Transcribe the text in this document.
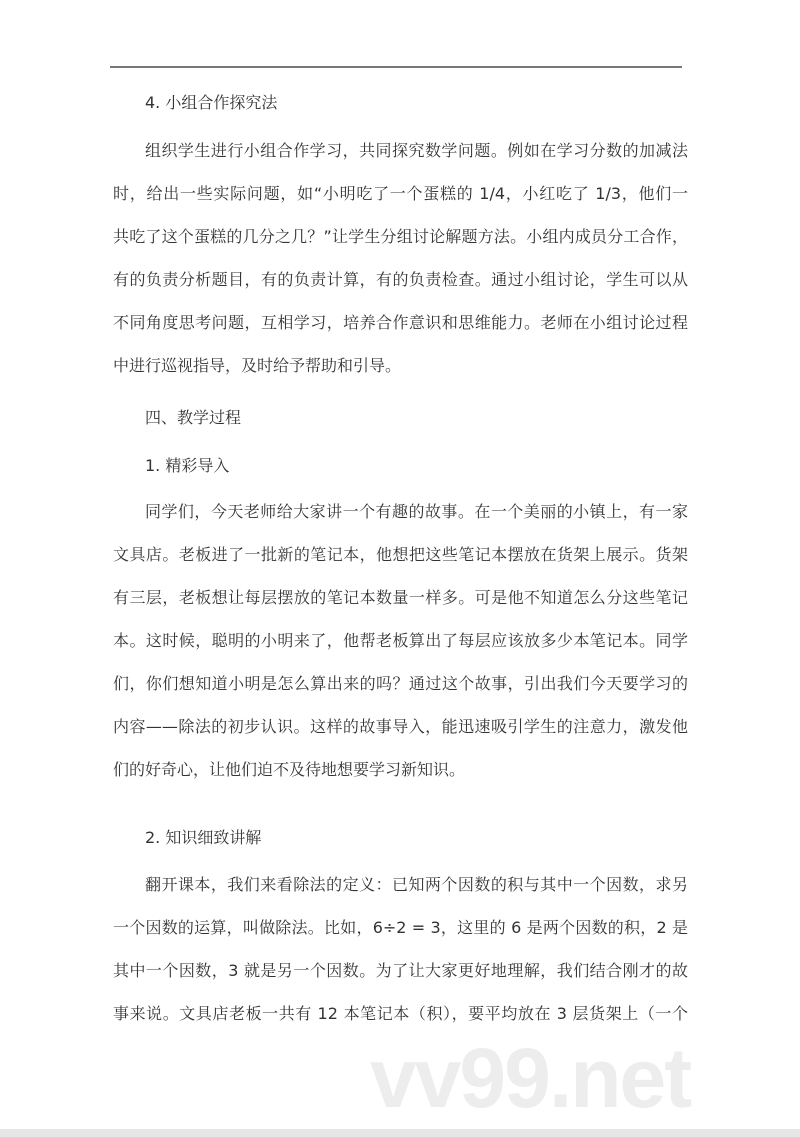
4. 小组合作探究法
组织学生进行小组合作学习，共同探究数学问题。例如在学习分数的加减法
时，给出一些实际问题，如“小明吃了一个蛋糕的 1/4，小红吃了 1/3，他们一
共吃了这个蛋糕的几分之几？”让学生分组讨论解题方法。小组内成员分工合作，
有的负责分析题目，有的负责计算，有的负责检查。通过小组讨论，学生可以从
不同角度思考问题，互相学习，培养合作意识和思维能力。老师在小组讨论过程
中进行巡视指导，及时给予帮助和引导。
四、教学过程
1. 精彩导入
同学们，今天老师给大家讲一个有趣的故事。在一个美丽的小镇上，有一家
文具店。老板进了一批新的笔记本，他想把这些笔记本摆放在货架上展示。货架
有三层，老板想让每层摆放的笔记本数量一样多。可是他不知道怎么分这些笔记
本。这时候，聪明的小明来了，他帮老板算出了每层应该放多少本笔记本。同学
们，你们想知道小明是怎么算出来的吗？通过这个故事，引出我们今天要学习的
内容——除法的初步认识。这样的故事导入，能迅速吸引学生的注意力，激发他
们的好奇心，让他们迫不及待地想要学习新知识。
2. 知识细致讲解
翻开课本，我们来看除法的定义：已知两个因数的积与其中一个因数，求另
一个因数的运算，叫做除法。比如，6÷2 = 3，这里的 6 是两个因数的积，2 是
其中一个因数，3 就是另一个因数。为了让大家更好地理解，我们结合刚才的故
事来说。文具店老板一共有 12 本笔记本（积），要平均放在 3 层货架上（一个
vv99.net
